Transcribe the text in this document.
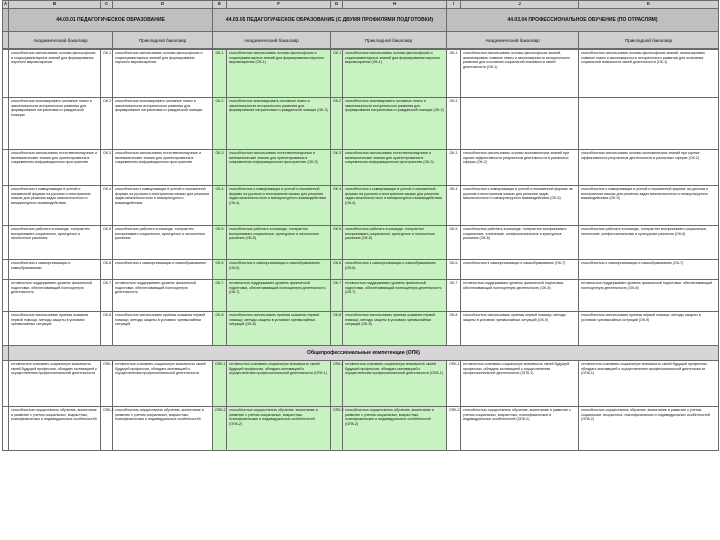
A	B	C	D	E	F	G	H	I	J	K
	44.03.01 ПЕДАГОГИЧЕСКОЕ ОБРАЗОВАНИЕ			44.03.05 ПЕДАГОГИЧЕСКОЕ ОБРАЗОВАНИЕ (С ДВУМЯ ПРОФИЛЯМИ ПОДГОТОВКИ)				44.03.04 ПРОФЕССИОНАЛЬНОЕ ОБУЧЕНИЕ (ПО ОТРАСЛЯМ)		
	Академический бакалавр		Прикладной бакалавр	Академический бакалавр		Прикладной бакалавр		Академический бакалавр		Прикладной бакалавр
	способностью использовать основы философских и социогуманитарных знаний для формирования научного мировоззрения	ОК-1	способностью использовать основы философских и социогуманитарных знаний для формирования научного мировоззрения	ОК-1	способностью использовать основы философских и социогуманитарных знаний для формирования научного мировоззрения (ОК-1)	ОК-1	способностью использовать основы философских и социогуманитарных знаний для формирования научного мировоззрения (ОК-1)	ОК-1	способностью использовать основы философских знаний, анализировать главные этапы и закономерности исторического развития для осознания социальной значимости своей деятельности (ОК-1)	способностью использовать основы философских знаний, анализировать главные этапы и закономерности исторического развития для осознания социальной значимости своей деятельности (ОК-1)
	способностью анализировать основные этапы и закономерности исторического развития для формирования патриотизма и гражданской позиции	ОК-2	способностью анализировать основные этапы и закономерности исторического развития для формирования патриотизма и гражданской позиции	ОК-2	способностью анализировать основные этапы и закономерности исторического развития для формирования патриотизма и гражданской позиции (ОК-2)	ОК-2	способностью анализировать основные этапы и закономерности исторического развития для формирования патриотизма и гражданской позиции (ОК-2)	ОК-2		
	способностью использовать естественнонаучные и математические знания для ориентирования в современном информационном пространстве	ОК-3	способностью использовать естественнонаучные и математические знания для ориентирования в современном информационном пространстве	ОК-3	способностью использовать естественнонаучные и математические знания для ориентирования в современном информационном пространстве (ОК-3)	ОК-3	способностью использовать естественнонаучные и математические знания для ориентирования в современном информационном пространстве (ОК-3)	ОК-3	способностью использовать основы экономических знаний при оценке эффективности результатов деятельности в различных сферах (ОК-2)	способностью использовать основы экономических знаний при оценке эффективности результатов деятельности в различных сферах (ОК-2)
	способностью к коммуникации в устной и письменной формах на русском и иностранном языках для решения задач межличностного и межкультурного взаимодействия	ОК-4	способностью к коммуникации в устной и письменной формах на русском и иностранном языках для решения задач межличностного и межкультурного взаимодействия	ОК-4	способностью к коммуникации в устной и письменной формах на русском и иностранном языках для решения задач межличностного и межкультурного взаимодействия (ОК-4)	ОК-4	способностью к коммуникации в устной и письменной формах на русском и иностранном языках для решения задач межличностного и межкультурного взаимодействия (ОК-4)	ОК-4	способностью к коммуникации в устной и письменной формах на русском и иностранном языках для решения задач межличностного и межкультурного взаимодействия (ОК-5)	способностью к коммуникации в устной и письменной формах на русском и иностранном языках для решения задач межличностного и межкультурного взаимодействия (ОК-5)
	способностью работать в команде, толерантно воспринимать социальные, культурные и личностные различия	ОК-5	способностью работать в команде, толерантно воспринимать социальные, культурные и личностные различия	ОК-5	способностью работать в команде, толерантно воспринимать социальные, культурные и личностные различия (ОК-5)	ОК-5	способностью работать в команде, толерантно воспринимать социальные, культурные и личностные различия (ОК-5)	ОК-5	способностью работать в команде, толерантно воспринимать социальные, этнические, конфессиональные и культурные различия (ОК-6)	способностью работать в команде, толерантно воспринимать социальные, этнические, конфессиональные и культурные различия (ОК-6)
	способностью к самоорганизации и самообразованию	ОК-6	способностью к самоорганизации и самообразованию	ОК-6	способностью к самоорганизации и самообразованию (ОК-6)	ОК-6	способностью к самоорганизации и самообразованию (ОК-6)	ОК-6	способностью к самоорганизации и самообразованию (ОК-7)	способностью к самоорганизации и самообразованию (ОК-7)
	готовностью поддерживать уровень физической подготовки, обеспечивающий полноценную деятельность	ОК-7	готовностью поддерживать уровень физической подготовки, обеспечивающий полноценную деятельность	ОК-7	готовностью поддерживать уровень физической подготовки, обеспечивающий полноценную деятельность (ОК-7)	ОК-7	готовностью поддерживать уровень физической подготовки, обеспечивающий полноценную деятельность (ОК-7)	ОК-7	готовностью поддерживать уровень физической подготовки, обеспечивающий полноценную деятельность (ОК-8)	готовностью поддерживать уровень физической подготовки, обеспечивающий полноценную деятельность (ОК-8)
	способностью использовать приемы оказания первой помощи, методы защиты в условиях чрезвычайных ситуаций	ОК-8	способностью использовать приемы оказания первой помощи, методы защиты в условиях чрезвычайных ситуаций	ОК-8	способностью использовать приемы оказания первой помощи, методы защиты в условиях чрезвычайных ситуаций (ОК-8)	ОК-8	способностью использовать приемы оказания первой помощи, методы защиты в условиях чрезвычайных ситуаций (ОК-8)	ОК-8	способностью использовать приемы первой помощи, методы защиты в условиях чрезвычайных ситуаций (ОК-9)	способностью использовать приемы первой помощи, методы защиты в условиях чрезвычайных ситуаций (ОК-9)
	Общепрофессиональные компетенции (ОПК)									
	готовностью сознавать социальную значимость своей будущей профессии, обладать мотивацией к осуществлению профессиональной деятельности	ОПК-1	готовностью сознавать социальную значимость своей будущей профессии, обладать мотивацией к осуществлению профессиональной деятельности	ОПК-1	готовностью сознавать социальную значимость своей будущей профессии, обладать мотивацией к осуществлению профессиональной деятельности (ОПК-1)	ОПК-1	готовностью сознавать социальную значимость своей будущей профессии, обладать мотивацией к осуществлению профессиональной деятельности (ОПК-1)	ОПК-1	готовностью сознавать социальную значимость своей будущей профессии, обладать мотивацией к осуществлению профессиональной деятельности (ОПК-1)	готовностью сознавать социальную значимость своей будущей профессии, обладать мотивацией к осуществлению профессиональной деятельности (ОПК-1)
	способностью осуществлять обучение, воспитание и развитие с учетом социальных, возрастных, психофизических и индивидуальных особенностей	ОПК-2	способностью осуществлять обучение, воспитание и развитие с учетом социальных, возрастных, психофизических и индивидуальных особенностей	ОПК-2	способностью осуществлять обучение, воспитание и развитие с учетом социальных, возрастных, психофизических и индивидуальных особенностей (ОПК-2)	ОПК-2	способностью осуществлять обучение, воспитание и развитие с учетом социальных, возрастных, психофизических и индивидуальных особенностей (ОПК-2)	ОПК-2	способностью осуществлять обучение, воспитание и развитие с учетом социальных, возрастных, психофизических и индивидуальных особенностей (ОПК-2)	способностью осуществлять обучение, воспитание и развитие с учетом социальных, возрастных, психофизических и индивидуальных особенностей (ОПК-2)
